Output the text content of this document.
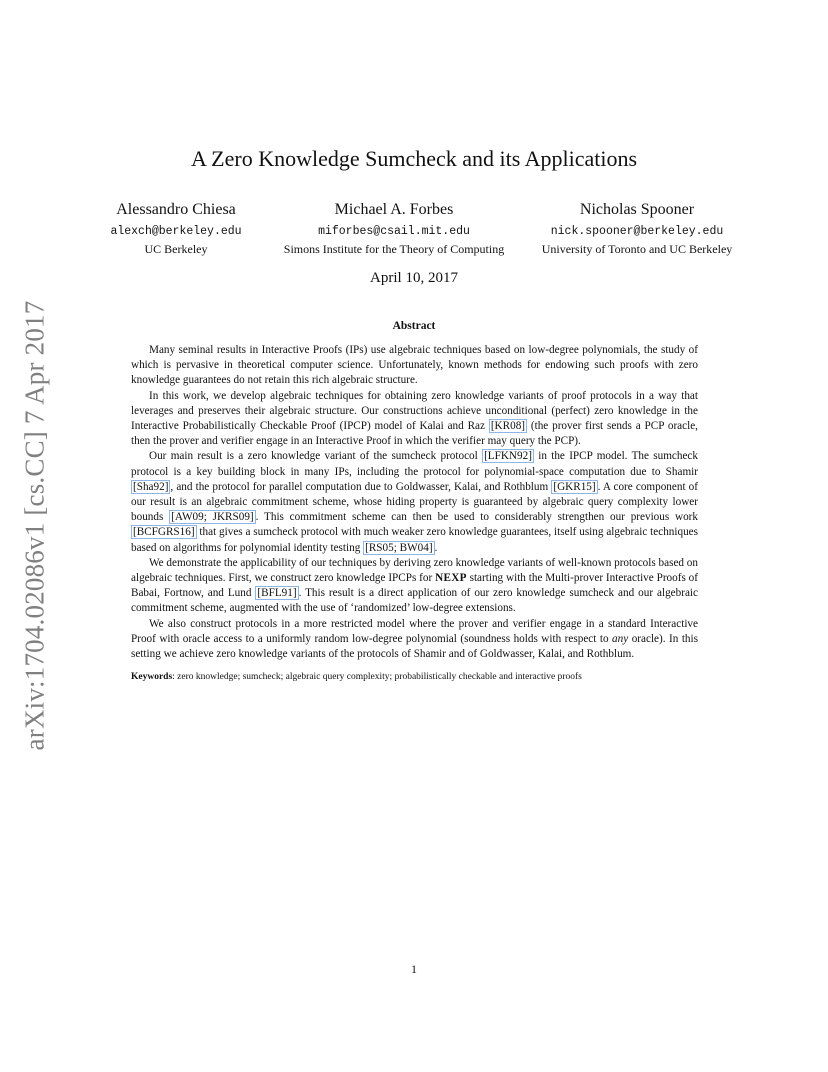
arXiv:1704.02086v1 [cs.CC] 7 Apr 2017
A Zero Knowledge Sumcheck and its Applications
Alessandro Chiesa
alexch@berkeley.edu
UC Berkeley
Michael A. Forbes
miforbes@csail.mit.edu
Simons Institute for the Theory of Computing
Nicholas Spooner
nick.spooner@berkeley.edu
University of Toronto and UC Berkeley
April 10, 2017
Abstract

Many seminal results in Interactive Proofs (IPs) use algebraic techniques based on low-degree polynomials, the study of which is pervasive in theoretical computer science. Unfortunately, known methods for endowing such proofs with zero knowledge guarantees do not retain this rich algebraic structure.

In this work, we develop algebraic techniques for obtaining zero knowledge variants of proof protocols in a way that leverages and preserves their algebraic structure. Our constructions achieve unconditional (perfect) zero knowledge in the Interactive Probabilistically Checkable Proof (IPCP) model of Kalai and Raz [KR08] (the prover first sends a PCP oracle, then the prover and verifier engage in an Interactive Proof in which the verifier may query the PCP).

Our main result is a zero knowledge variant of the sumcheck protocol [LFKN92] in the IPCP model. The sumcheck protocol is a key building block in many IPs, including the protocol for polynomial-space computation due to Shamir [Sha92] , and the protocol for parallel computation due to Goldwasser, Kalai, and Rothblum [GKR15] . A core component of our result is an algebraic commitment scheme, whose hiding property is guaranteed by algebraic query complexity lower bounds [AW09; JKRS09] . This commitment scheme can then be used to considerably strengthen our previous work [BCFGRS16] that gives a sumcheck protocol with much weaker zero knowledge guarantees, itself using algebraic techniques based on algorithms for polynomial identity testing [RS05; BW04] .

We demonstrate the applicability of our techniques by deriving zero knowledge variants of well-known protocols based on algebraic techniques. First, we construct zero knowledge IPCPs for NEXP starting with the Multi-prover Interactive Proofs of Babai, Fortnow, and Lund [BFL91] . This result is a direct application of our zero knowledge sumcheck and our algebraic commitment scheme, augmented with the use of ‘randomized’ low-degree extensions.

We also construct protocols in a more restricted model where the prover and verifier engage in a standard Interactive Proof with oracle access to a uniformly random low-degree polynomial (soundness holds with respect to any oracle). In this setting we achieve zero knowledge variants of the protocols of Shamir and of Goldwasser, Kalai, and Rothblum.

Keywords: zero knowledge; sumcheck; algebraic query complexity; probabilistically checkable and interactive proofs
1
